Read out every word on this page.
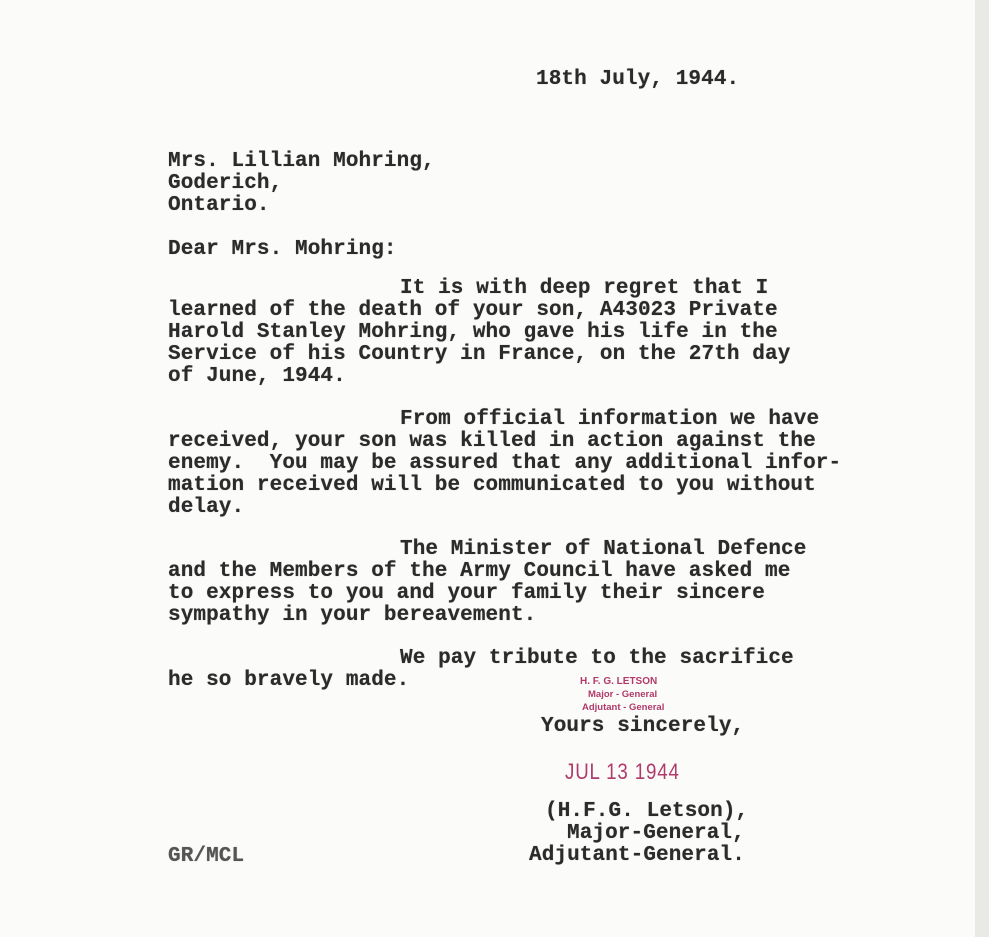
18th July, 1944.
Mrs. Lillian Mohring,
Goderich,
Ontario.
Dear Mrs. Mohring:
It is with deep regret that I
learned of the death of your son, A43023 Private
Harold Stanley Mohring, who gave his life in the
Service of his Country in France, on the 27th day
of June, 1944.
From official information we have
received, your son was killed in action against the
enemy.  You may be assured that any additional infor-
mation received will be communicated to you without
delay.
The Minister of National Defence
and the Members of the Army Council have asked me
to express to you and your family their sincere
sympathy in your bereavement.
We pay tribute to the sacrifice
he so bravely made.	H. F. G. LETSON
Major - General
Adjutant - General
Yours sincerely,
JUL 13 1944
(H.F.G. Letson),
Major-General,
Adjutant-General.
GR/MCL
